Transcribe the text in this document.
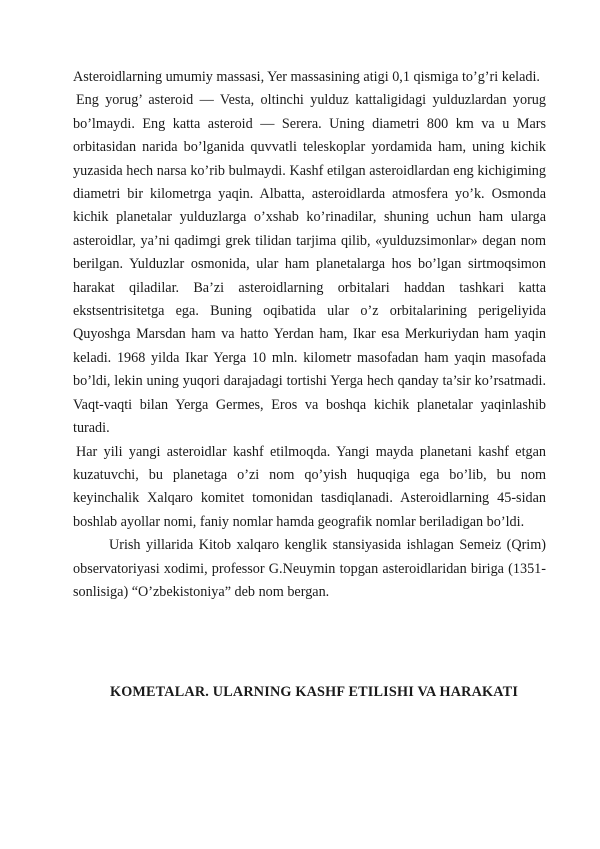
Asteroidlarning umumiy massasi, Yer massasining atigi 0,1 qismiga to’g’ri keladi.

Eng yorug’ asteroid — Vesta, oltinchi yulduz kattaligidagi yulduzlardan yorug bo’lmaydi. Eng katta asteroid — Serera. Uning diametri 800 km va u Mars orbitasidan narida bo’lganida quvvatli teleskoplar yordamida ham, uning kichik yuzasida hech narsa ko’rib bulmaydi. Kashf etilgan asteroidlardan eng kichigiming diametri bir kilometrga yaqin. Albatta, asteroidlarda atmosfera yo’k. Osmonda kichik planetalar yulduzlarga o’xshab ko’rinadilar, shuning uchun ham ularga asteroidlar, ya’ni qadimgi grek tilidan tarjima qilib, «yulduzsimonlar» degan nom berilgan. Yulduzlar osmonida, ular ham planetalarga hos bo’lgan sirtmoqsimon harakat qiladilar. Ba’zi asteroidlarning orbitalari haddan tashkari katta ekstsentrisitetga ega. Buning oqibatida ular o’z orbitalarining perigeliyida Quyoshga Marsdan ham va hatto Yerdan ham, Ikar esa Merkuriydan ham yaqin keladi. 1968 yilda Ikar Yerga 10 mln. kilometr masofadan ham yaqin masofada bo’ldi, lekin uning yuqori darajadagi tortishi Yerga hech qanday ta’sir ko’rsatmadi. Vaqt-vaqti bilan Yerga Germes, Eros va boshqa kichik planetalar yaqinlashib turadi.

Har yili yangi asteroidlar kashf etilmoqda. Yangi mayda planetani kashf etgan kuzatuvchi, bu planetaga o’zi nom qo’yish huquqiga ega bo’lib, bu nom keyinchalik Xalqaro komitet tomonidan tasdiqlanadi. Asteroidlarning 45-sidan boshlab ayollar nomi, faniy nomlar hamda geografik nomlar beriladigan bo’ldi.

Urish yillarida Kitob xalqaro kenglik stansiyasida ishlagan Semeiz (Qrim) observatoriyasi xodimi, professor G.Neuymin topgan asteroidlaridan biriga (1351-sonlisiga) “O’zbekistoniya” deb nom bergan.

KOMETALAR. ULARNING KASHF ETILISHI VA HARAKATI
